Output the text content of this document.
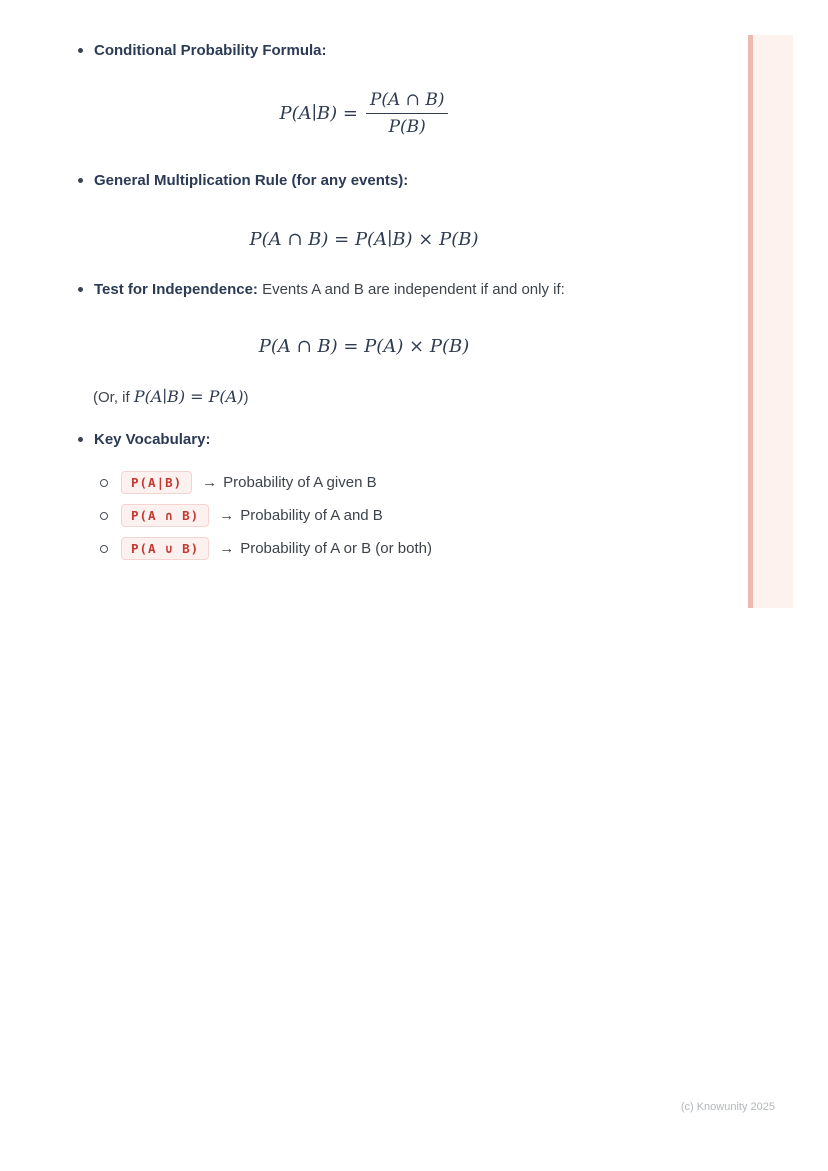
Conditional Probability Formula:
P(A∣B) = $\frac{P(A \cap B)}{P(B)}$
General Multiplication Rule (for any events):
P(A ∩ B) = P(A∣B) × P(B)
Test for Independence: Events A and B are independent if and only if:
P(A ∩ B) = P(A) × P(B)
(Or, if P(A∣B) = P(A))
Key Vocabulary:
P(A|B)	→ Probability of A given B
P(A ∩ B)	→ Probability of A and B
P(A ∪ B)	→ Probability of A or B (or both)
(c) Knowunity 2025
